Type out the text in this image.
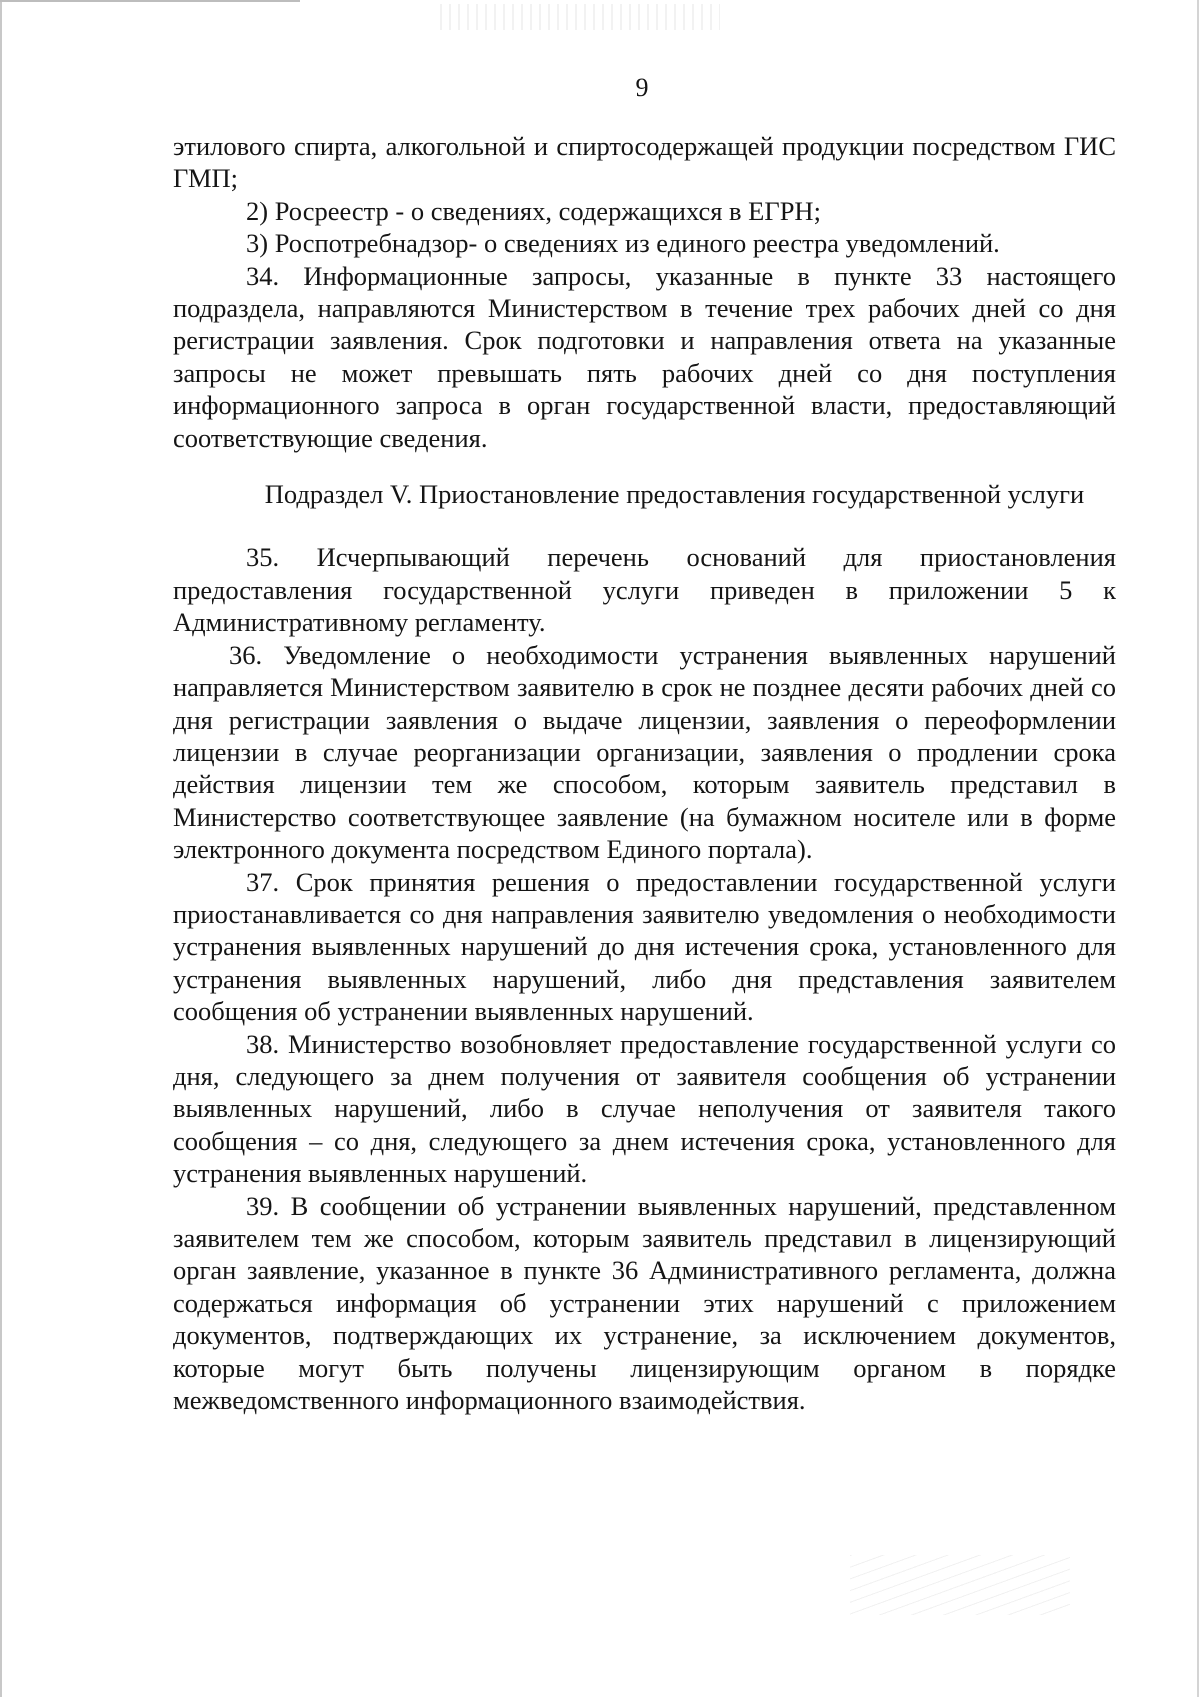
9

этилового спирта, алкогольной и спиртосодержащей продукции посредством ГИС ГМП;

2) Росреестр - о сведениях, содержащихся в ЕГРН;

3) Роспотребнадзор- о сведениях из единого реестра уведомлений.

34. Информационные запросы, указанные в пункте 33 настоящего подраздела, направляются Министерством в течение трех рабочих дней со дня регистрации заявления. Срок подготовки и направления ответа на указанные запросы не может превышать пять рабочих дней со дня поступления информационного запроса в орган государственной власти, предоставляющий соответствующие сведения.

Подраздел V. Приостановление предоставления государственной услуги

35. Исчерпывающий перечень оснований для приостановления предоставления государственной услуги приведен в приложении 5 к Административному регламенту.

36. Уведомление о необходимости устранения выявленных нарушений направляется Министерством заявителю в срок не позднее десяти рабочих дней со дня регистрации заявления о выдаче лицензии, заявления о переоформлении лицензии в случае реорганизации организации, заявления о продлении срока действия лицензии тем же способом, которым заявитель представил в Министерство соответствующее заявление (на бумажном носителе или в форме электронного документа посредством Единого портала).

37. Срок принятия решения о предоставлении государственной услуги приостанавливается со дня направления заявителю уведомления о необходимости устранения выявленных нарушений до дня истечения срока, установленного для устранения выявленных нарушений, либо дня представления заявителем сообщения об устранении выявленных нарушений.

38. Министерство возобновляет предоставление государственной услуги со дня, следующего за днем получения от заявителя сообщения об устранении выявленных нарушений, либо в случае неполучения от заявителя такого сообщения – со дня, следующего за днем истечения срока, установленного для устранения выявленных нарушений.

39. В сообщении об устранении выявленных нарушений, представленном заявителем тем же способом, которым заявитель представил в лицензирующий орган заявление, указанное в пункте 36 Административного регламента, должна содержаться информация об устранении этих нарушений с приложением документов, подтверждающих их устранение, за исключением документов, которые могут быть получены лицензирующим органом в порядке межведомственного информационного взаимодействия.
